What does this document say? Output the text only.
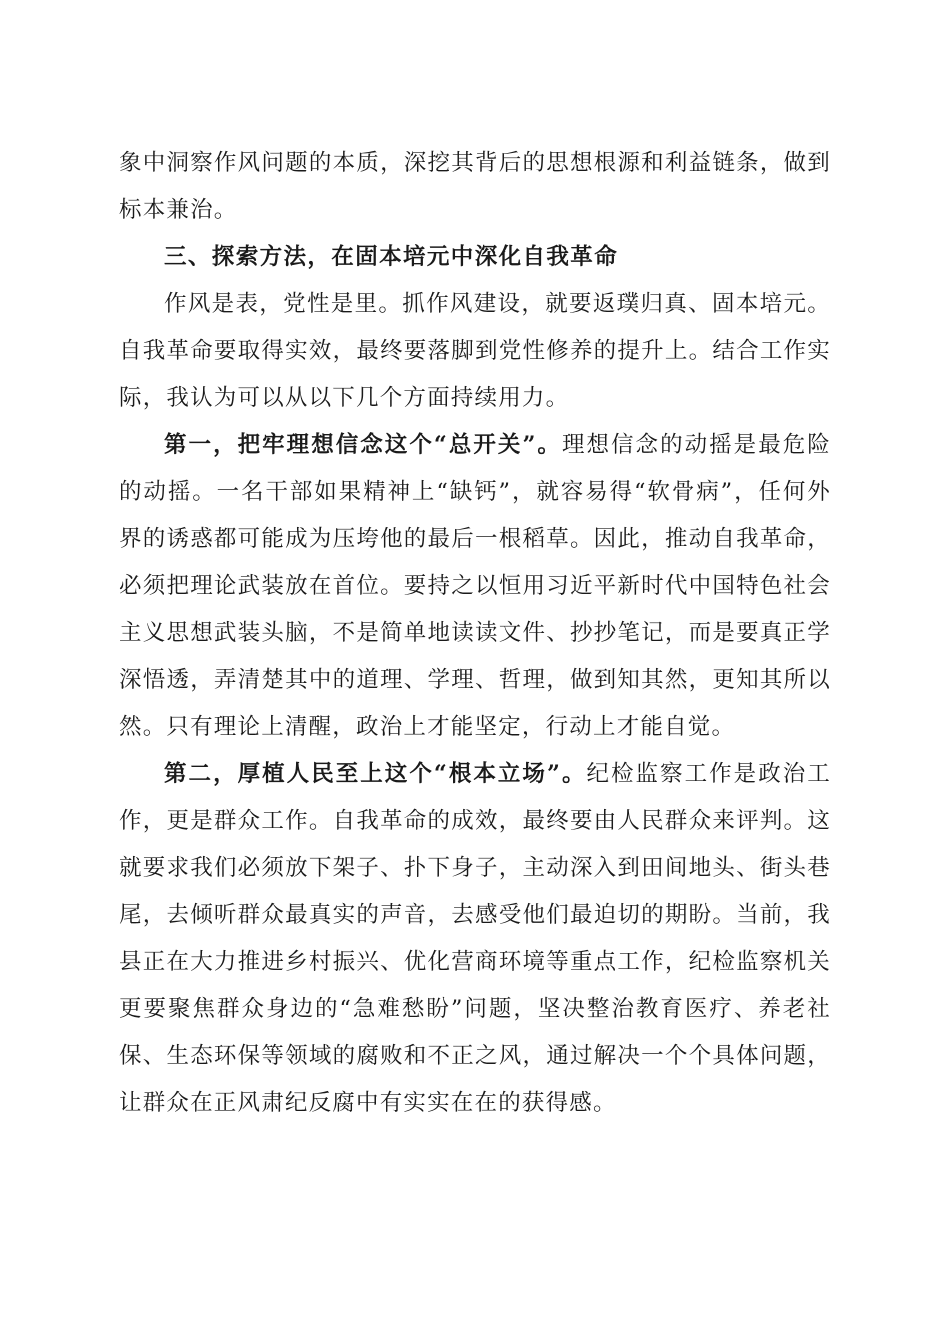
象中洞察作风问题的本质，深挖其背后的思想根源和利益链条，做到标本兼治。

三、探索方法，在固本培元中深化自我革命

作风是表，党性是里。抓作风建设，就要返璞归真、固本培元。自我革命要取得实效，最终要落脚到党性修养的提升上。结合工作实际，我认为可以从以下几个方面持续用力。

第一，把牢理想信念这个“总开关”。理想信念的动摇是最危险的动摇。一名干部如果精神上“缺钙”，就容易得“软骨病”，任何外界的诱惑都可能成为压垮他的最后一根稻草。因此，推动自我革命，必须把理论武装放在首位。要持之以恒用习近平新时代中国特色社会主义思想武装头脑，不是简单地读读文件、抄抄笔记，而是要真正学深悟透，弄清楚其中的道理、学理、哲理，做到知其然，更知其所以然。只有理论上清醒，政治上才能坚定，行动上才能自觉。

第二，厚植人民至上这个“根本立场”。纪检监察工作是政治工作，更是群众工作。自我革命的成效，最终要由人民群众来评判。这就要求我们必须放下架子、扑下身子，主动深入到田间地头、街头巷尾，去倾听群众最真实的声音，去感受他们最迫切的期盼。当前，我县正在大力推进乡村振兴、优化营商环境等重点工作，纪检监察机关更要聚焦群众身边的“急难愁盼”问题，坚决整治教育医疗、养老社保、生态环保等领域的腐败和不正之风，通过解决一个个具体问题，让群众在正风肃纪反腐中有实实在在的获得感。
